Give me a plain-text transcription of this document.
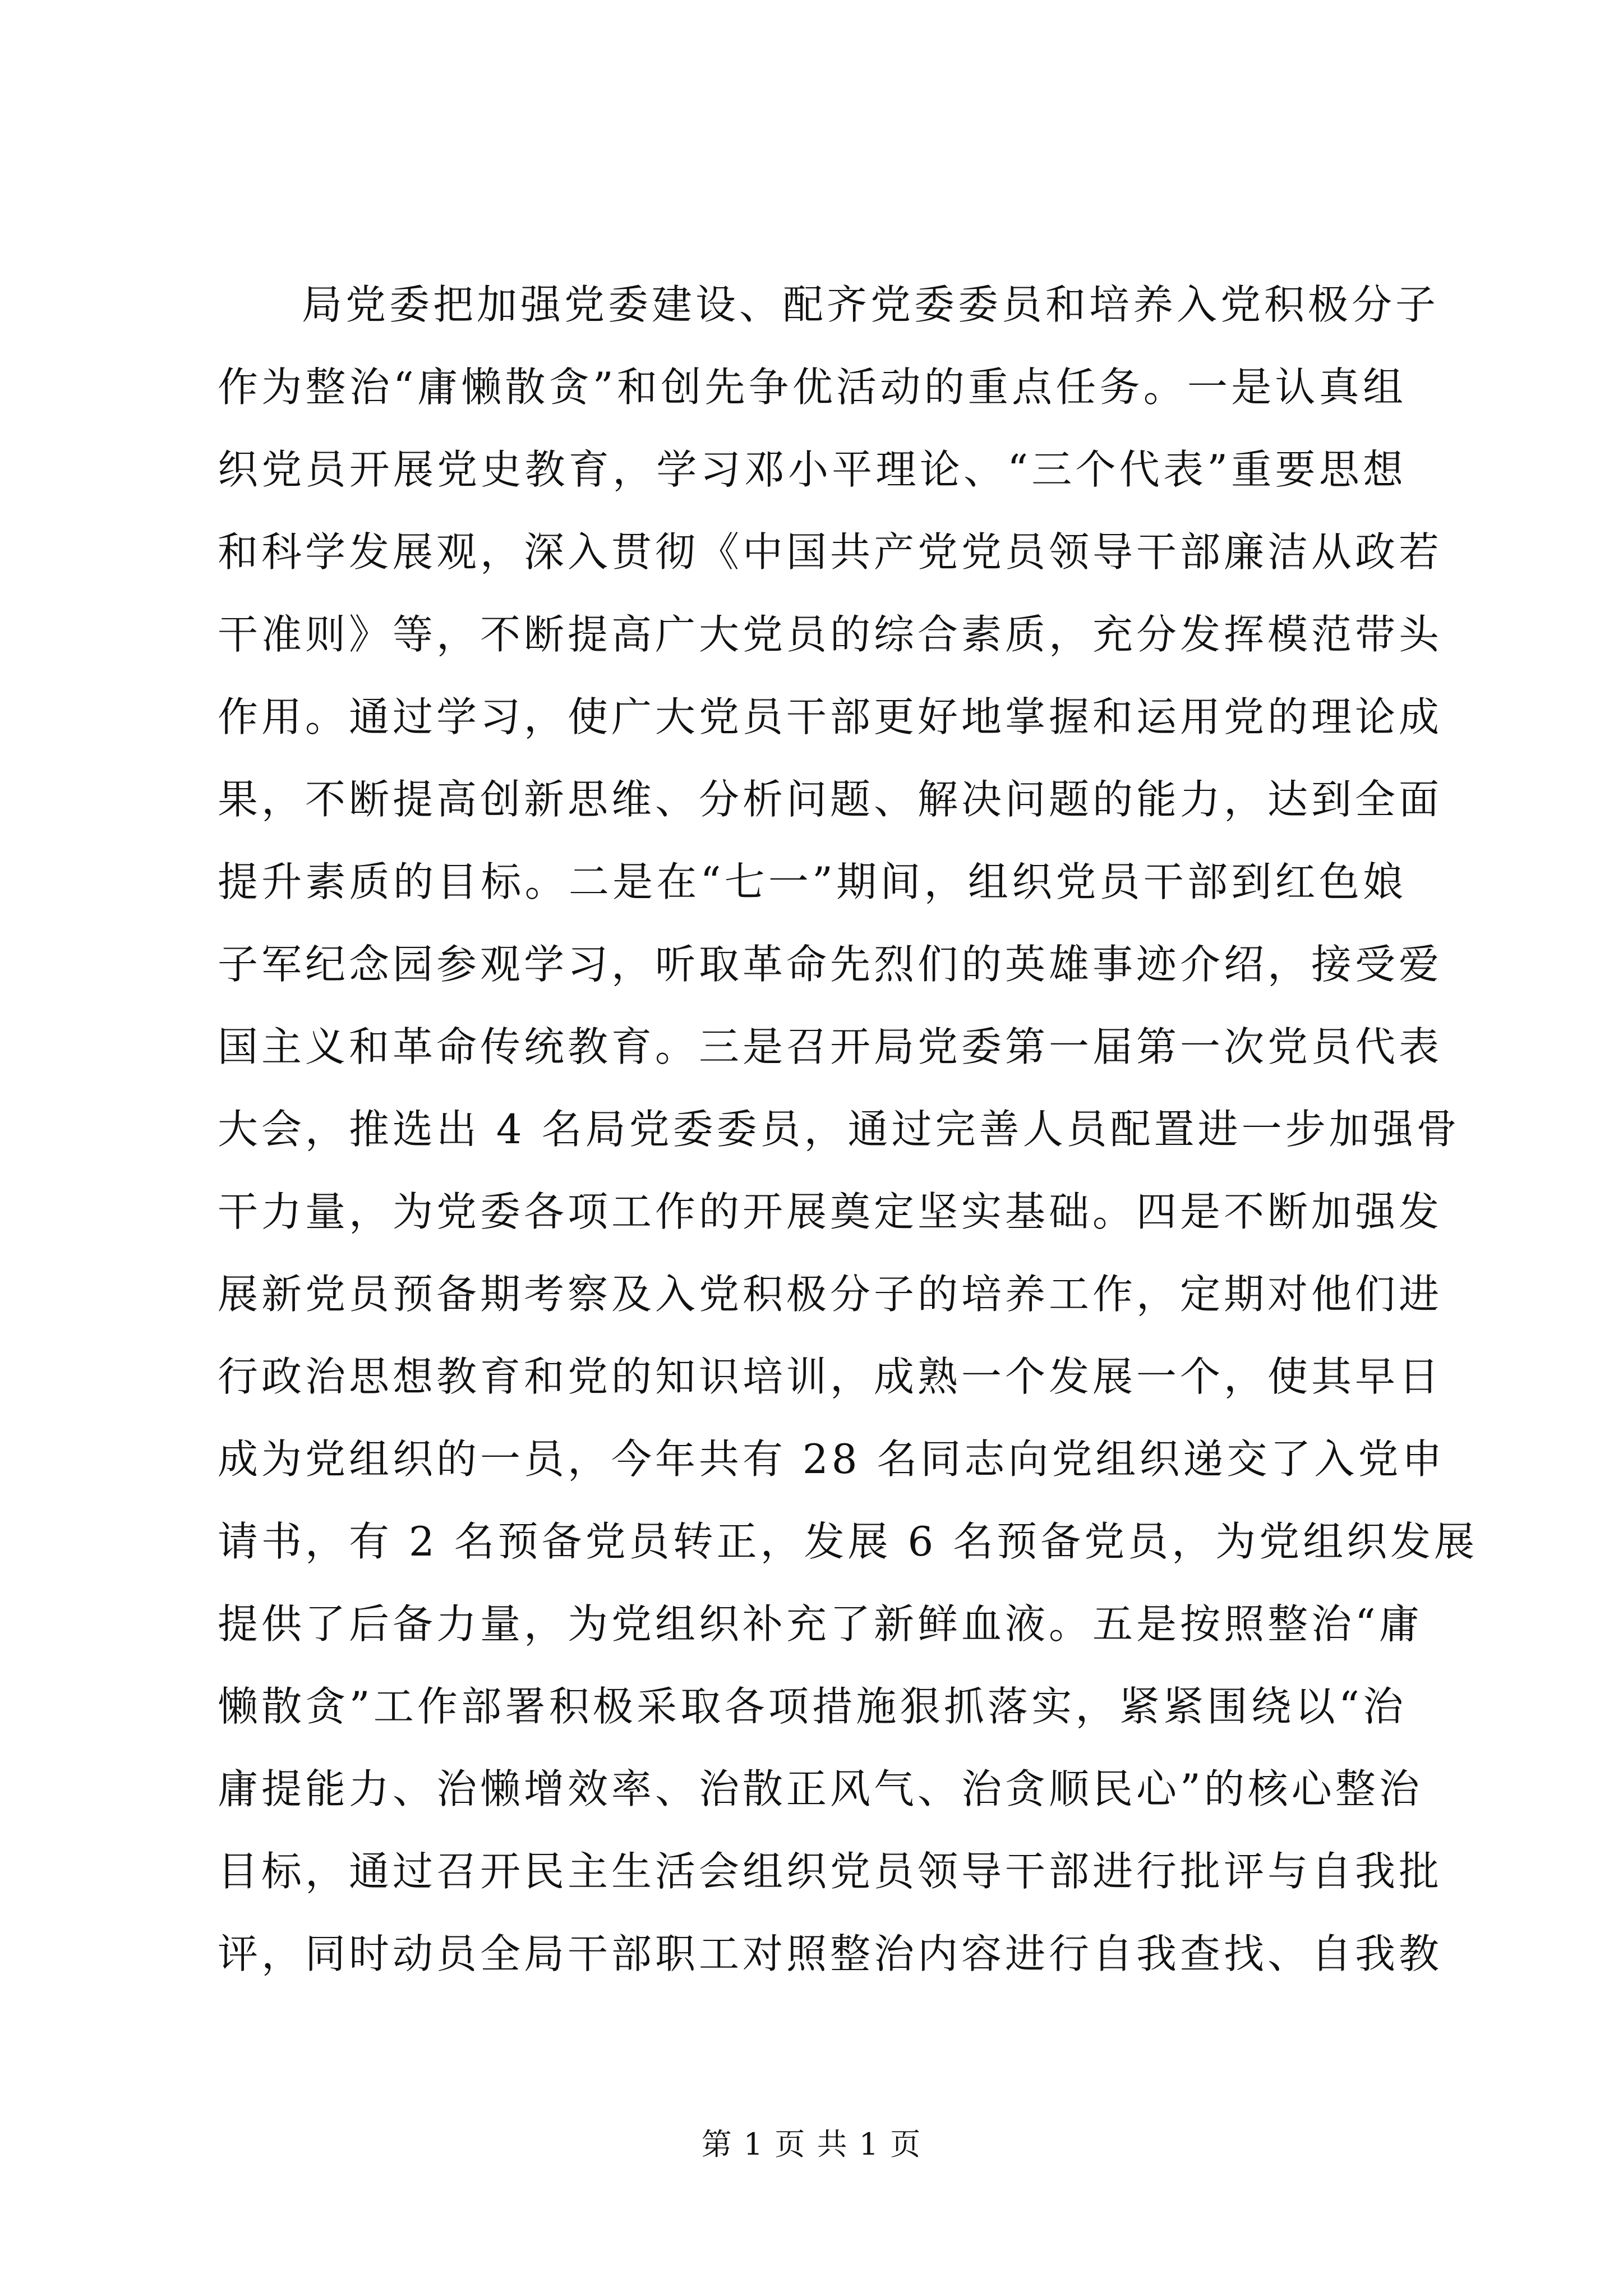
局党委把加强党委建设、配齐党委委员和培养入党积极分子
作为整治“庸懒散贪”和创先争优活动的重点任务。一是认真组
织党员开展党史教育，学习邓小平理论、“三个代表”重要思想
和科学发展观，深入贯彻《中国共产党党员领导干部廉洁从政若
干准则》等，不断提高广大党员的综合素质，充分发挥模范带头
作用。通过学习，使广大党员干部更好地掌握和运用党的理论成
果，不断提高创新思维、分析问题、解决问题的能力，达到全面
提升素质的目标。二是在“七一”期间，组织党员干部到红色娘
子军纪念园参观学习，听取革命先烈们的英雄事迹介绍，接受爱
国主义和革命传统教育。三是召开局党委第一届第一次党员代表
大会，推选出 4 名局党委委员，通过完善人员配置进一步加强骨
干力量，为党委各项工作的开展奠定坚实基础。四是不断加强发
展新党员预备期考察及入党积极分子的培养工作，定期对他们进
行政治思想教育和党的知识培训，成熟一个发展一个，使其早日
成为党组织的一员，今年共有 28 名同志向党组织递交了入党申
请书，有 2 名预备党员转正，发展 6 名预备党员，为党组织发展
提供了后备力量，为党组织补充了新鲜血液。五是按照整治“庸
懒散贪”工作部署积极采取各项措施狠抓落实，紧紧围绕以“治
庸提能力、治懒增效率、治散正风气、治贪顺民心”的核心整治
目标，通过召开民主生活会组织党员领导干部进行批评与自我批
评，同时动员全局干部职工对照整治内容进行自我查找、自我教
第 1 页 共 1 页
